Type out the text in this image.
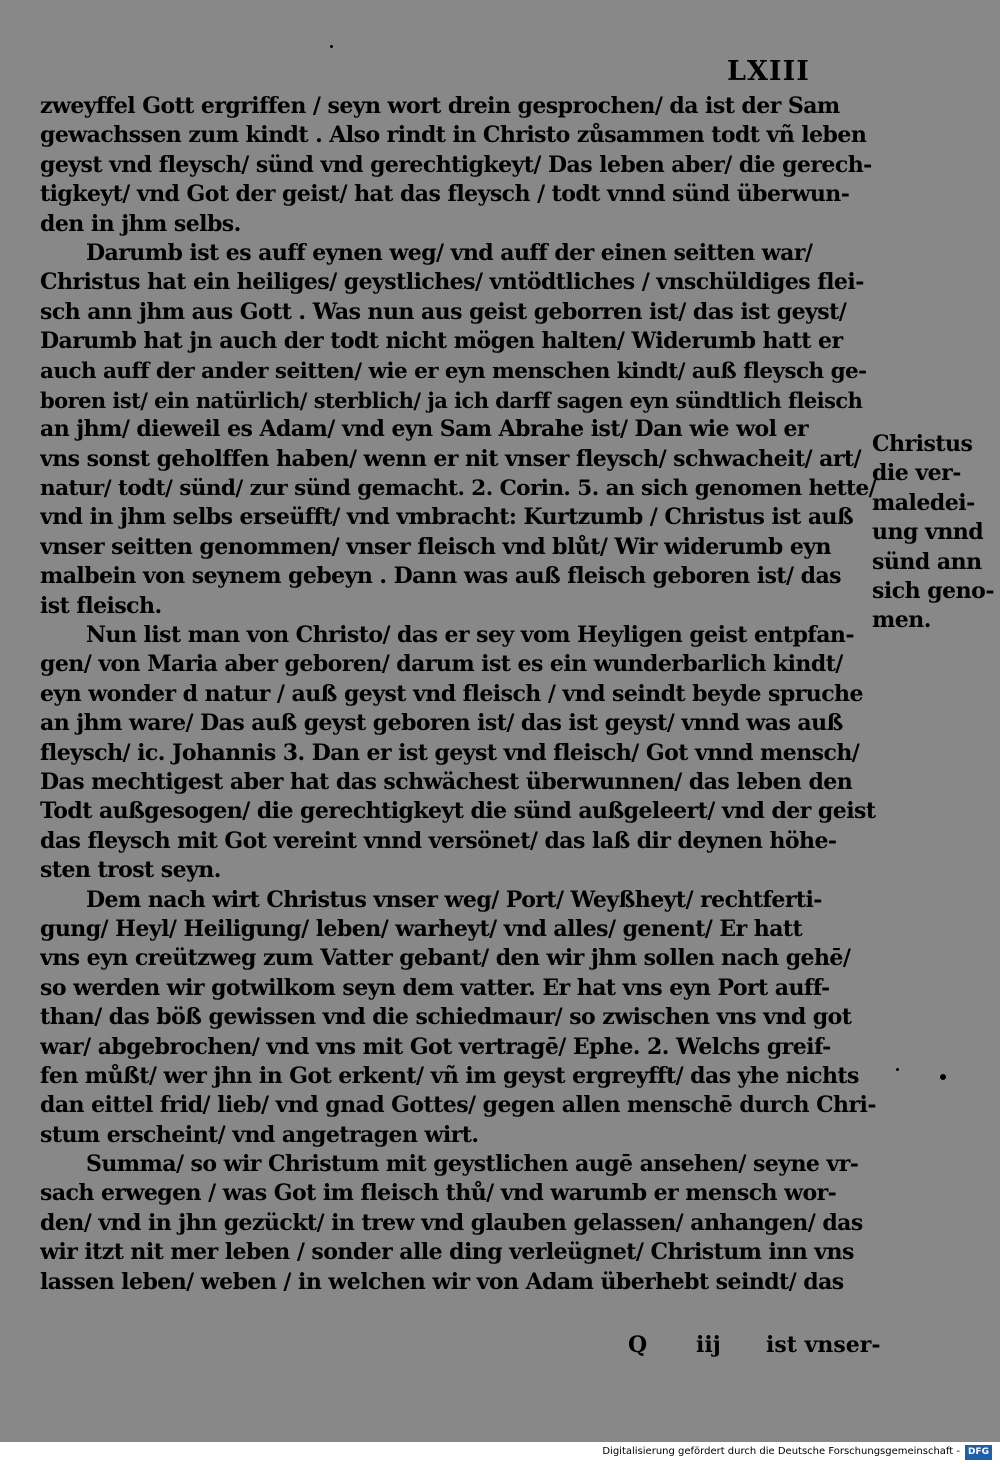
LXIII
zweyffel Gott ergriffen / seyn wort drein gesprochen/ da ist der Sam
gewachssen zum kindt . Also rindt in Christo zůsammen todt vñ leben
geyst vnd fleysch/ sünd vnd gerechtigkeyt/ Das leben aber/ die gerech-
tigkeyt/ vnd Got der geist/ hat das fleysch / todt vnnd sünd überwun-
den in jhm selbs.
Darumb ist es auff eynen weg/ vnd auff der einen seitten war/
Christus hat ein heiliges/ geystliches/ vntödtliches / vnschüldiges flei-
sch ann jhm aus Gott . Was nun aus geist geborren ist/ das ist geyst/
Darumb hat jn auch der todt nicht mögen halten/ Widerumb hatt er
auch auff der ander seitten/ wie er eyn menschen kindt/ auß fleysch ge-
boren ist/ ein natürlich/ sterblich/ ja ich darff sagen eyn sündtlich fleisch
an jhm/ dieweil es Adam/ vnd eyn Sam Abrahe ist/ Dan wie wol er
vns sonst geholffen haben/ wenn er nit vnser fleysch/ schwacheit/ art/
natur/ todt/ sünd/ zur sünd gemacht. 2. Corin. 5. an sich genomen hette/
vnd in jhm selbs erseüfft/ vnd vmbracht: Kurtzumb / Christus ist auß
vnser seitten genommen/ vnser fleisch vnd blůt/ Wir widerumb eyn
malbein von seynem gebeyn . Dann was auß fleisch geboren ist/ das
ist fleisch.
Nun list man von Christo/ das er sey vom Heyligen geist entpfan-
gen/ von Maria aber geboren/ darum ist es ein wunderbarlich kindt/
eyn wonder d natur / auß geyst vnd fleisch / vnd seindt beyde spruche
an jhm ware/ Das auß geyst geboren ist/ das ist geyst/ vnnd was auß
fleysch/ ic. Johannis 3. Dan er ist geyst vnd fleisch/ Got vnnd mensch/
Das mechtigest aber hat das schwächest überwunnen/ das leben den
Todt außgesogen/ die gerechtigkeyt die sünd außgeleert/ vnd der geist
das fleysch mit Got vereint vnnd versönet/ das laß dir deynen höhe-
sten trost seyn.
Dem nach wirt Christus vnser weg/ Port/ Weyßheyt/ rechtferti-
gung/ Heyl/ Heiligung/ leben/ warheyt/ vnd alles/ genent/ Er hatt
vns eyn creützweg zum Vatter gebant/ den wir jhm sollen nach gehē/
so werden wir gotwilkom seyn dem vatter. Er hat vns eyn Port auff-
than/ das böß gewissen vnd die schiedmaur/ so zwischen vns vnd got
war/ abgebrochen/ vnd vns mit Got vertragē/ Ephe. 2. Welchs greif-
fen můßt/ wer jhn in Got erkent/ vñ im geyst ergreyfft/ das yhe nichts
dan eittel frid/ lieb/ vnd gnad Gottes/ gegen allen menschē durch Chri-
stum erscheint/ vnd angetragen wirt.
Summa/ so wir Christum mit geystlichen augē ansehen/ seyne vr-
sach erwegen / was Got im fleisch thů/ vnd warumb er mensch wor-
den/ vnd in jhn gezückt/ in trew vnd glauben gelassen/ anhangen/ das
wir itzt nit mer leben / sonder alle ding verleügnet/ Christum inn vns
lassen leben/ weben / in welchen wir von Adam überhebt seindt/ das
Christus
die ver-
maledei-
ung vnnd
sünd ann
sich geno-
men.
Q iij ist vnser-
Digitalisierung gefördert durch die Deutsche Forschungsgemeinschaft - DFG
